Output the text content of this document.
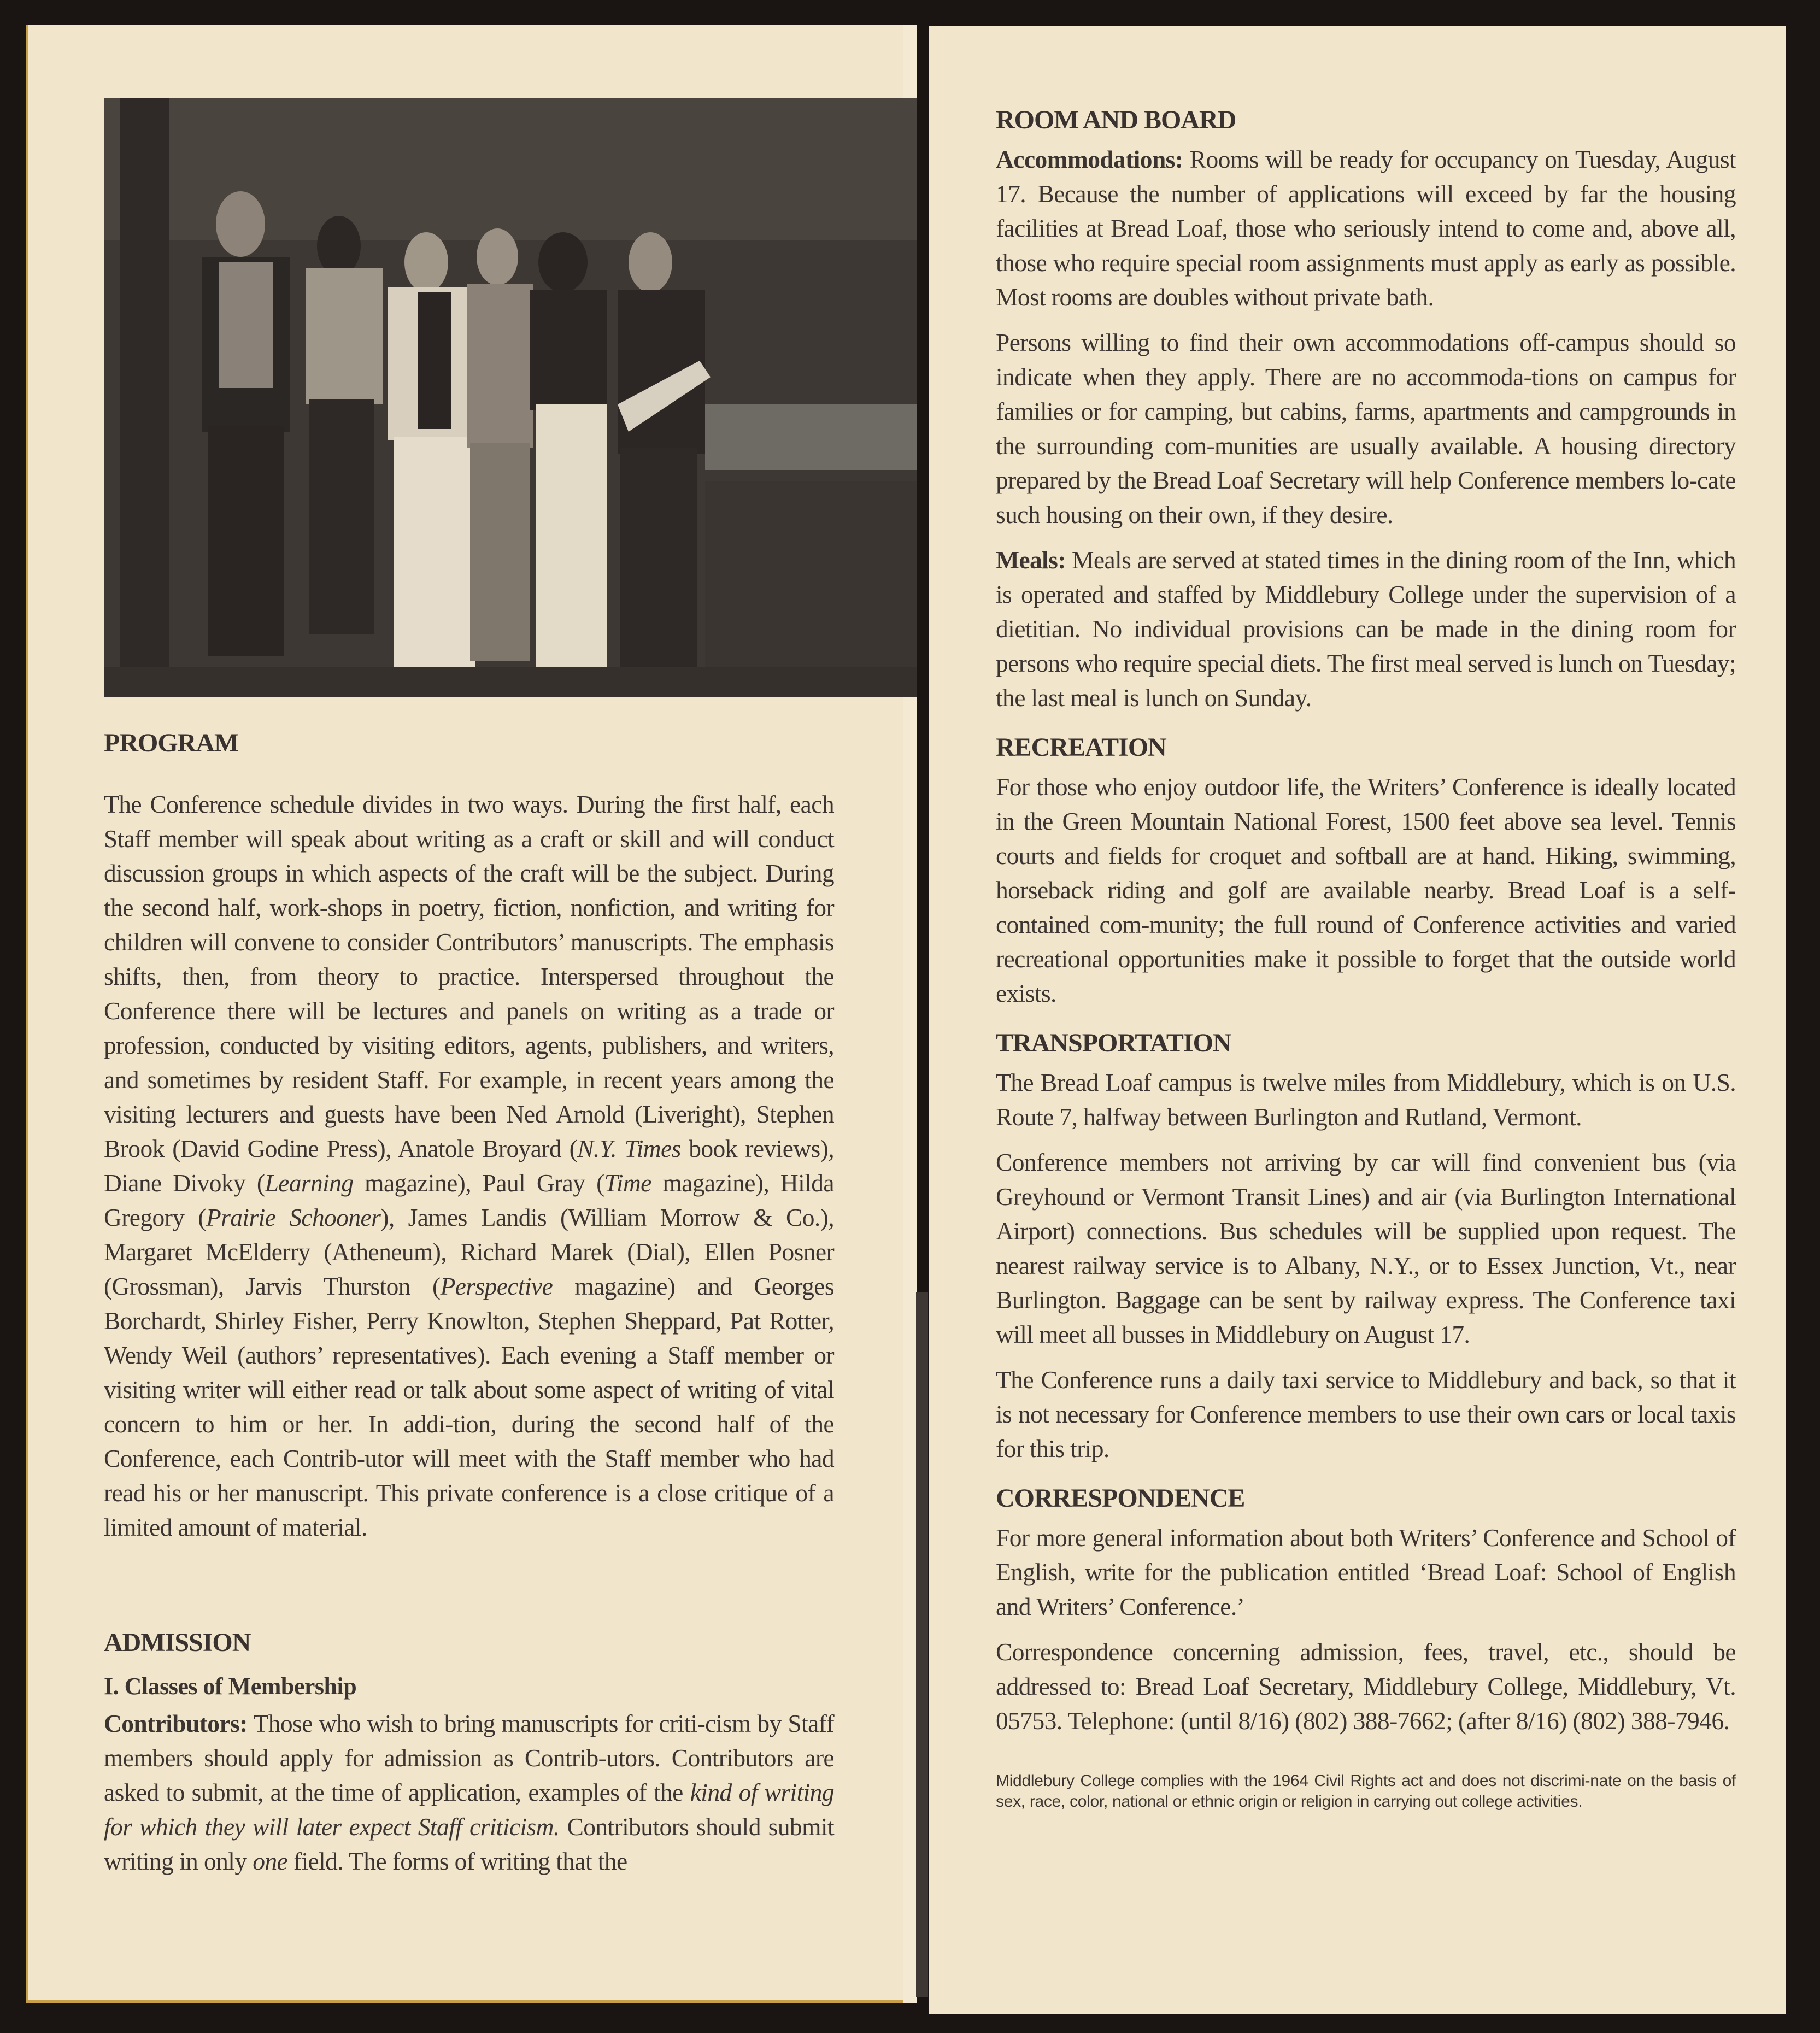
PROGRAM

The Conference schedule divides in two ways. During the first half, each Staff member will speak about writing as a craft or skill and will conduct discussion groups in which aspects of the craft will be the subject. During the second half, work-shops in poetry, fiction, nonfiction, and writing for children will convene to consider Contributors’ manuscripts. The emphasis shifts, then, from theory to practice. Interspersed throughout the Conference there will be lectures and panels on writing as a trade or profession, conducted by visiting editors, agents, publishers, and writers, and sometimes by resident Staff. For example, in recent years among the visiting lecturers and guests have been Ned Arnold (Liveright), Stephen Brook (David Godine Press), Anatole Broyard (N.Y. Times book reviews), Diane Divoky (Learning magazine), Paul Gray (Time magazine), Hilda Gregory (Prairie Schooner), James Landis (William Morrow & Co.), Margaret McElderry (Atheneum), Richard Marek (Dial), Ellen Posner (Grossman), Jarvis Thurston (Perspective magazine) and Georges Borchardt, Shirley Fisher, Perry Knowlton, Stephen Sheppard, Pat Rotter, Wendy Weil (authors’ representatives). Each evening a Staff member or visiting writer will either read or talk about some aspect of writing of vital concern to him or her. In addi-tion, during the second half of the Conference, each Contrib-utor will meet with the Staff member who had read his or her manuscript. This private conference is a close critique of a limited amount of material.

ADMISSION
I. Classes of Membership

Contributors: Those who wish to bring manuscripts for criti-cism by Staff members should apply for admission as Contrib-utors. Contributors are asked to submit, at the time of application, examples of the kind of writing for which they will later expect Staff criticism. Contributors should submit writing in only one field. The forms of writing that the

ROOM AND BOARD

Accommodations: Rooms will be ready for occupancy on Tuesday, August 17. Because the number of applications will exceed by far the housing facilities at Bread Loaf, those who seriously intend to come and, above all, those who require special room assignments must apply as early as possible. Most rooms are doubles without private bath.

Persons willing to find their own accommodations off-campus should so indicate when they apply. There are no accommoda-tions on campus for families or for camping, but cabins, farms, apartments and campgrounds in the surrounding com-munities are usually available. A housing directory prepared by the Bread Loaf Secretary will help Conference members lo-cate such housing on their own, if they desire.

Meals: Meals are served at stated times in the dining room of the Inn, which is operated and staffed by Middlebury College under the supervision of a dietitian. No individual provisions can be made in the dining room for persons who require special diets. The first meal served is lunch on Tuesday; the last meal is lunch on Sunday.

RECREATION

For those who enjoy outdoor life, the Writers’ Conference is ideally located in the Green Mountain National Forest, 1500 feet above sea level. Tennis courts and fields for croquet and softball are at hand. Hiking, swimming, horseback riding and golf are available nearby. Bread Loaf is a self-contained com-munity; the full round of Conference activities and varied recreational opportunities make it possible to forget that the outside world exists.

TRANSPORTATION

The Bread Loaf campus is twelve miles from Middlebury, which is on U.S. Route 7, halfway between Burlington and Rutland, Vermont.

Conference members not arriving by car will find convenient bus (via Greyhound or Vermont Transit Lines) and air (via Burlington International Airport) connections. Bus schedules will be supplied upon request. The nearest railway service is to Albany, N.Y., or to Essex Junction, Vt., near Burlington. Baggage can be sent by railway express. The Conference taxi will meet all busses in Middlebury on August 17.

The Conference runs a daily taxi service to Middlebury and back, so that it is not necessary for Conference members to use their own cars or local taxis for this trip.

CORRESPONDENCE

For more general information about both Writers’ Conference and School of English, write for the publication entitled ‘Bread Loaf: School of English and Writers’ Conference.’

Correspondence concerning admission, fees, travel, etc., should be addressed to: Bread Loaf Secretary, Middlebury College, Middlebury, Vt. 05753. Telephone: (until 8/16) (802) 388-7662; (after 8/16) (802) 388-7946.

Middlebury College complies with the 1964 Civil Rights act and does not discrimi-nate on the basis of sex, race, color, national or ethnic origin or religion in carrying out college activities.
